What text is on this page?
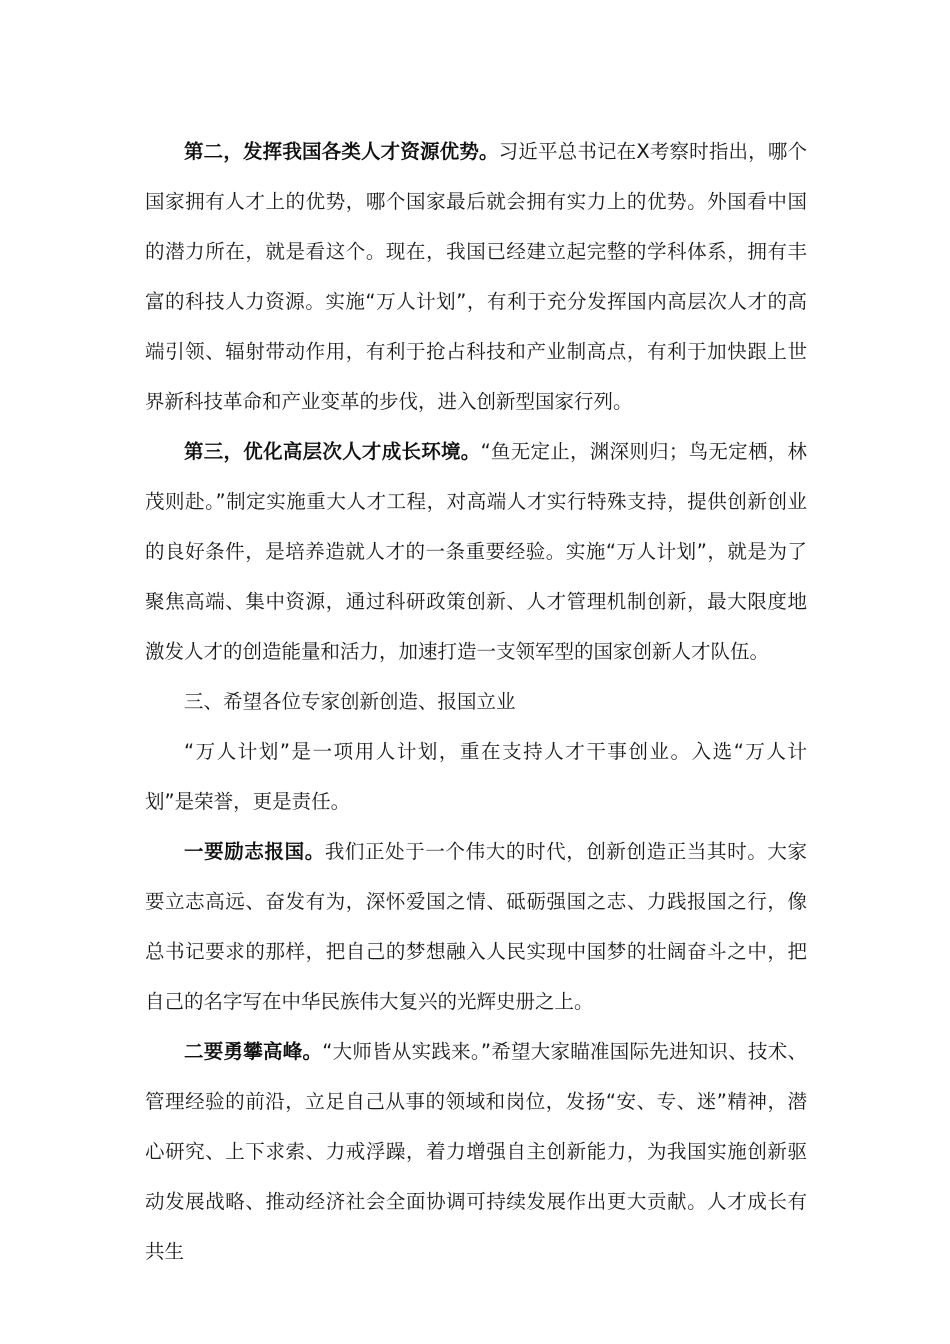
第二，发挥我国各类人才资源优势。习近平总书记在X考察时指出，哪个国家拥有人才上的优势，哪个国家最后就会拥有实力上的优势。外国看中国的潜力所在，就是看这个。现在，我国已经建立起完整的学科体系，拥有丰富的科技人力资源。实施“万人计划”，有利于充分发挥国内高层次人才的高端引领、辐射带动作用，有利于抢占科技和产业制高点，有利于加快跟上世界新科技革命和产业变革的步伐，进入创新型国家行列。

第三，优化高层次人才成长环境。“鱼无定止，渊深则归；鸟无定栖，林茂则赴。”制定实施重大人才工程，对高端人才实行特殊支持，提供创新创业的良好条件，是培养造就人才的一条重要经验。实施“万人计划”，就是为了聚焦高端、集中资源，通过科研政策创新、人才管理机制创新，最大限度地激发人才的创造能量和活力，加速打造一支领军型的国家创新人才队伍。

三、希望各位专家创新创造、报国立业

“万人计划”是一项用人计划，重在支持人才干事创业。入选“万人计划”是荣誉，更是责任。

一要励志报国。我们正处于一个伟大的时代，创新创造正当其时。大家要立志高远、奋发有为，深怀爱国之情、砥砺强国之志、力践报国之行，像总书记要求的那样，把自己的梦想融入人民实现中国梦的壮阔奋斗之中，把自己的名字写在中华民族伟大复兴的光辉史册之上。

二要勇攀高峰。“大师皆从实践来。”希望大家瞄准国际先进知识、技术、管理经验的前沿，立足自己从事的领域和岗位，发扬“安、专、迷”精神，潜心研究、上下求索、力戒浮躁，着力增强自主创新能力，为我国实施创新驱动发展战略、推动经济社会全面协调可持续发展作出更大贡献。人才成长有共生
